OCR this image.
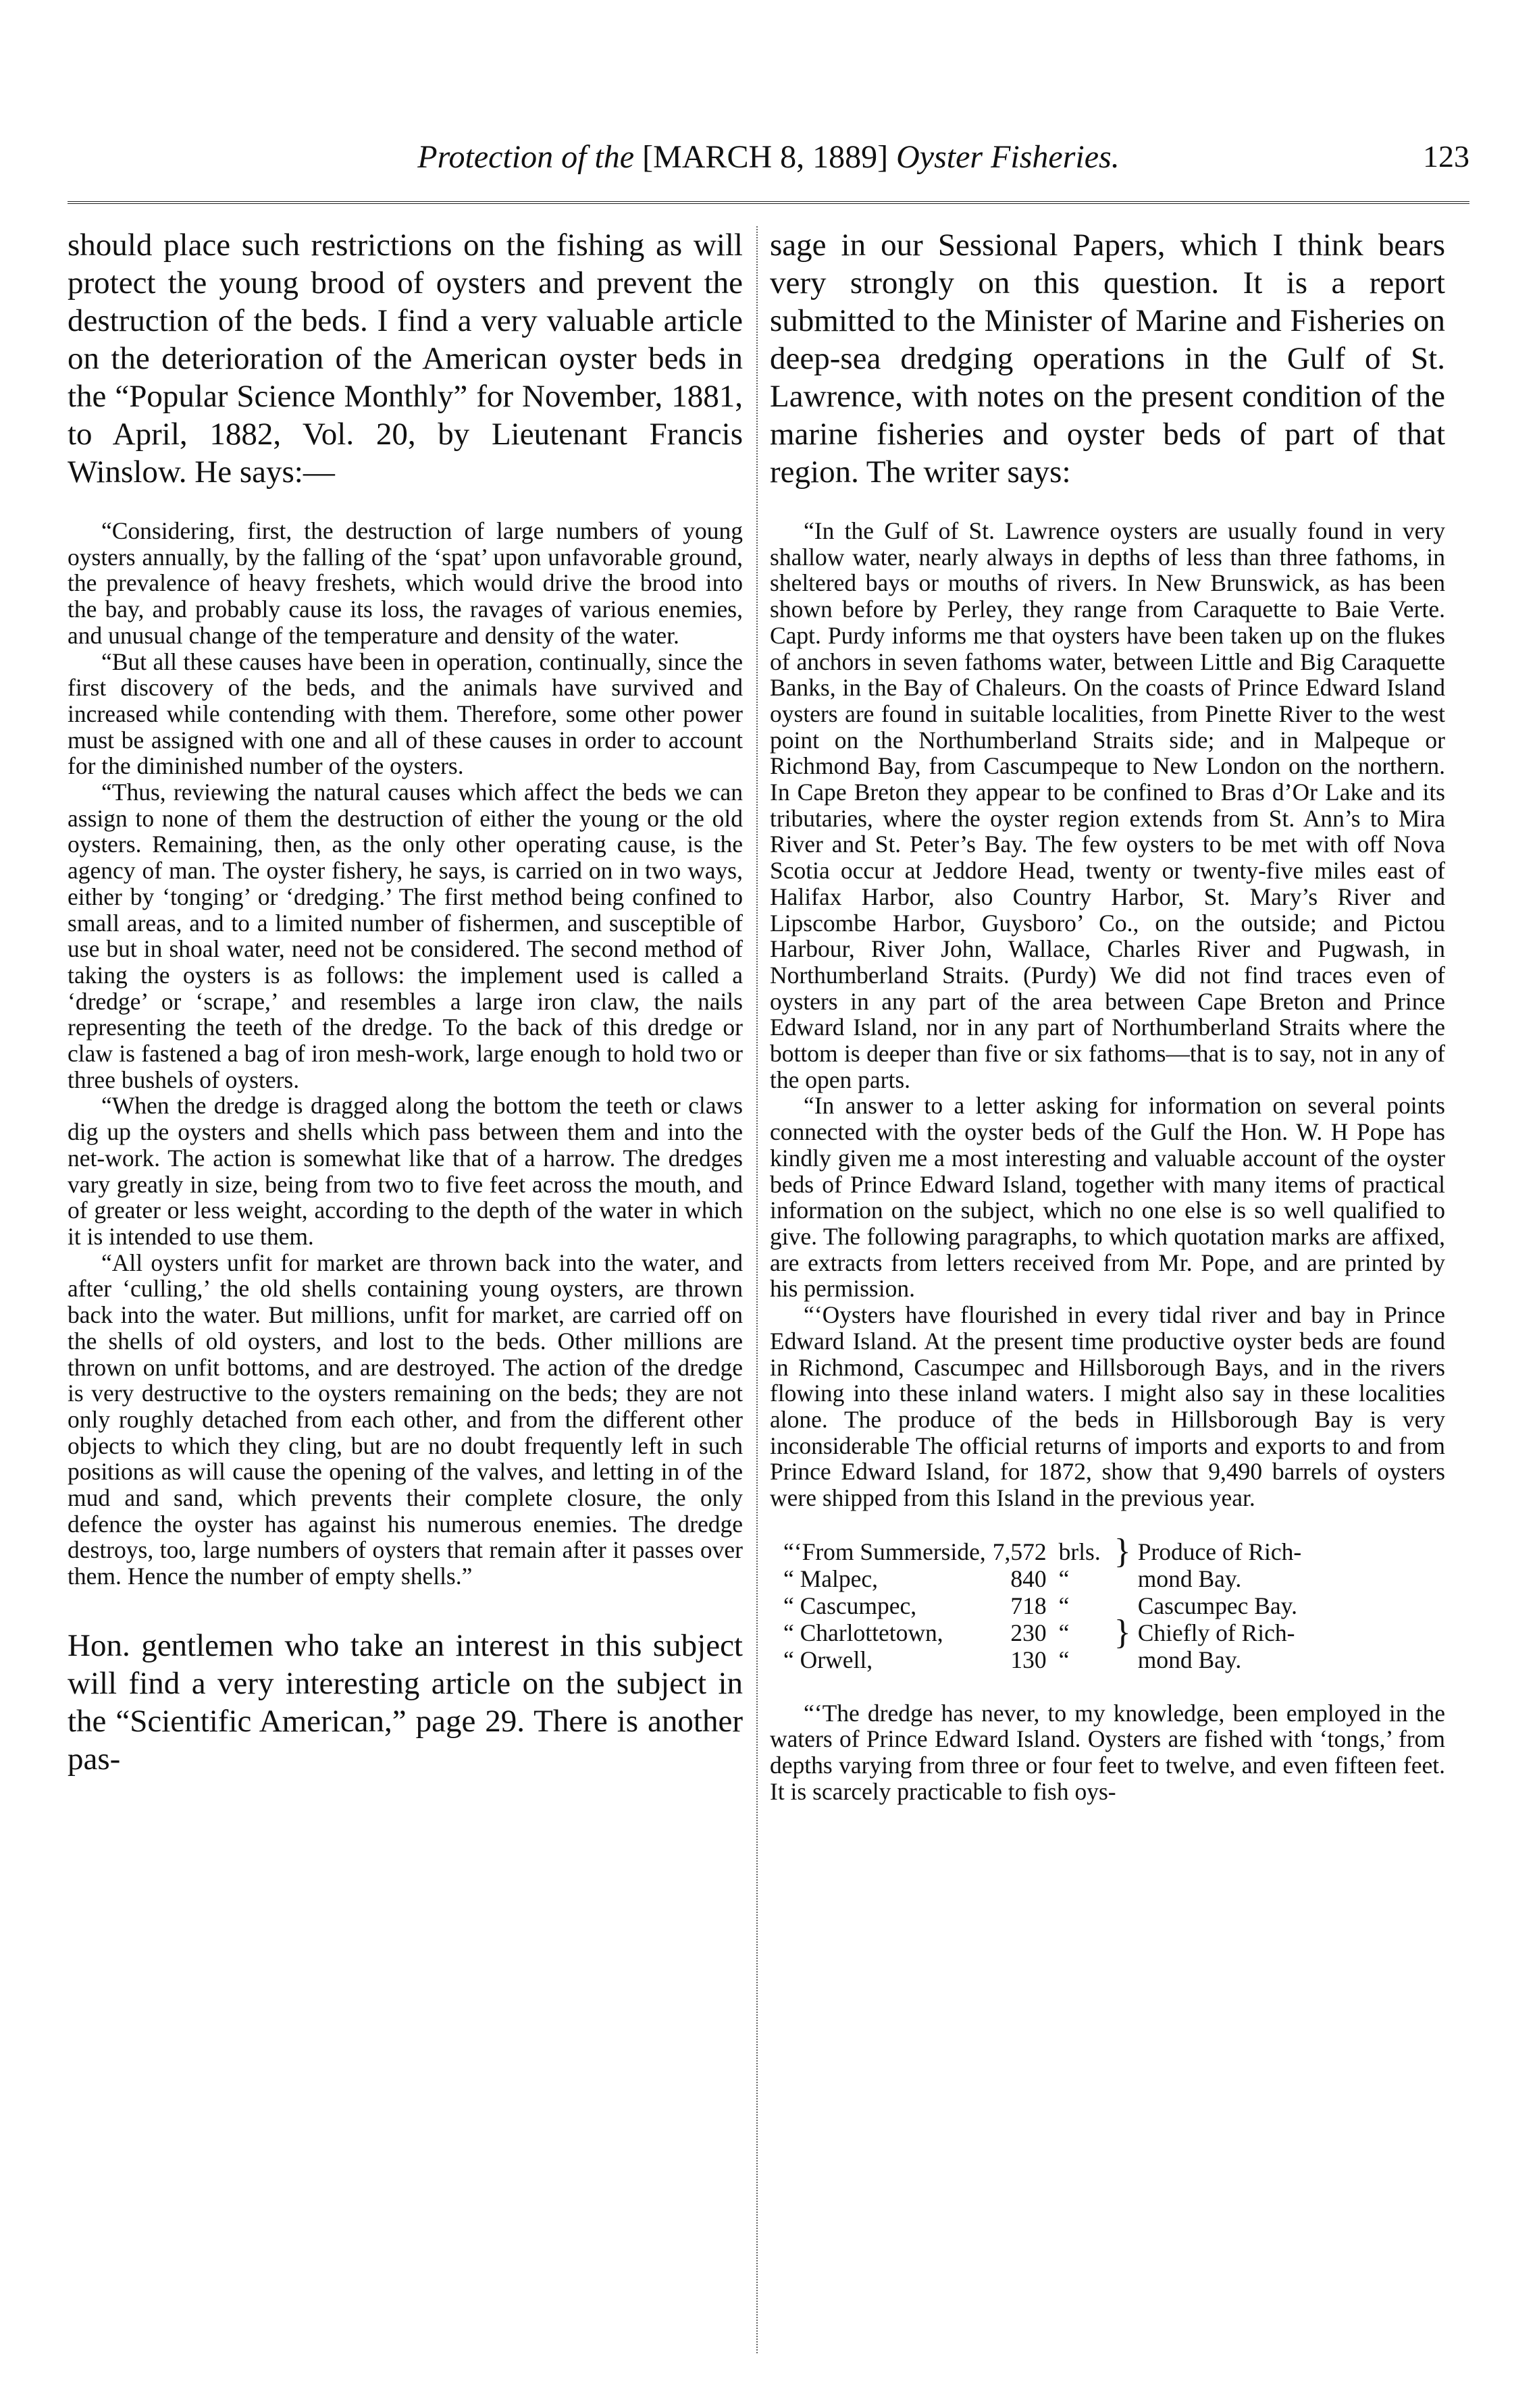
Protection of the [MARCH 8, 1889] Oyster Fisheries.	123

should place such restrictions on the fishing as will protect the young brood of oysters and prevent the destruction of the beds. I find a very valuable article on the deterioration of the American oyster beds in the “Popular Science Monthly” for November, 1881, to April, 1882, Vol. 20, by Lieutenant Francis Winslow. He says:—

“Considering, first, the destruction of large numbers of young oysters annually, by the falling of the ‘spat’ upon unfavorable ground, the prevalence of heavy freshets, which would drive the brood into the bay, and probably cause its loss, the ravages of various enemies, and unusual change of the temperature and density of the water.

“But all these causes have been in operation, continually, since the first discovery of the beds, and the animals have survived and increased while contending with them. Therefore, some other power must be assigned with one and all of these causes in order to account for the diminished number of the oysters.

“Thus, reviewing the natural causes which affect the beds we can assign to none of them the destruction of either the young or the old oysters. Remaining, then, as the only other operating cause, is the agency of man. The oyster fishery, he says, is carried on in two ways, either by ‘tonging’ or ‘dredging.’ The first method being confined to small areas, and to a limited number of fishermen, and susceptible of use but in shoal water, need not be considered. The second method of taking the oysters is as follows: the implement used is called a ‘dredge’ or ‘scrape,’ and resembles a large iron claw, the nails representing the teeth of the dredge. To the back of this dredge or claw is fastened a bag of iron mesh-work, large enough to hold two or three bushels of oysters.

“When the dredge is dragged along the bottom the teeth or claws dig up the oysters and shells which pass between them and into the net-work. The action is somewhat like that of a harrow. The dredges vary greatly in size, being from two to five feet across the mouth, and of greater or less weight, according to the depth of the water in which it is intended to use them.

“All oysters unfit for market are thrown back into the water, and after ‘culling,’ the old shells containing young oysters, are thrown back into the water. But millions, unfit for market, are carried off on the shells of old oysters, and lost to the beds. Other millions are thrown on unfit bottoms, and are destroyed. The action of the dredge is very destructive to the oysters remaining on the beds; they are not only roughly detached from each other, and from the different other objects to which they cling, but are no doubt frequently left in such positions as will cause the opening of the valves, and letting in of the mud and sand, which prevents their complete closure, the only defence the oyster has against his numerous enemies. The dredge destroys, too, large numbers of oysters that remain after it passes over them. Hence the number of empty shells.”

Hon. gentlemen who take an interest in this subject will find a very interesting article on the subject in the “Scientific American,” page 29. There is another pas-

sage in our Sessional Papers, which I think bears very strongly on this question. It is a report submitted to the Minister of Marine and Fisheries on deep-sea dredging operations in the Gulf of St. Lawrence, with notes on the present condition of the marine fisheries and oyster beds of part of that region. The writer says:

“In the Gulf of St. Lawrence oysters are usually found in very shallow water, nearly always in depths of less than three fathoms, in sheltered bays or mouths of rivers. In New Brunswick, as has been shown before by Perley, they range from Caraquette to Baie Verte. Capt. Purdy informs me that oysters have been taken up on the flukes of anchors in seven fathoms water, between Little and Big Caraquette Banks, in the Bay of Chaleurs. On the coasts of Prince Edward Island oysters are found in suitable localities, from Pinette River to the west point on the Northumberland Straits side; and in Malpeque or Richmond Bay, from Cascumpeque to New London on the northern. In Cape Breton they appear to be confined to Bras d’Or Lake and its tributaries, where the oyster region extends from St. Ann’s to Mira River and St. Peter’s Bay. The few oysters to be met with off Nova Scotia occur at Jeddore Head, twenty or twenty-five miles east of Halifax Harbor, also Country Harbor, St. Mary’s River and Lipscombe Harbor, Guysboro’ Co., on the outside; and Pictou Harbour, River John, Wallace, Charles River and Pugwash, in Northumberland Straits. (Purdy) We did not find traces even of oysters in any part of the area between Cape Breton and Prince Edward Island, nor in any part of Northumberland Straits where the bottom is deeper than five or six fathoms—that is to say, not in any of the open parts.

“In answer to a letter asking for information on several points connected with the oyster beds of the Gulf the Hon. W. H Pope has kindly given me a most interesting and valuable account of the oyster beds of Prince Edward Island, together with many items of practical information on the subject, which no one else is so well qualified to give. The following paragraphs, to which quotation marks are affixed, are extracts from letters received from Mr. Pope, and are printed by his permission.

“‘Oysters have flourished in every tidal river and bay in Prince Edward Island. At the present time productive oyster beds are found in Richmond, Cascumpec and Hillsborough Bays, and in the rivers flowing into these inland waters. I might also say in these localities alone. The produce of the beds in Hillsborough Bay is very inconsiderable The official returns of imports and exports to and from Prince Edward Island, for 1872, show that 9,490 barrels of oysters were shipped from this Island in the previous year.

“‘From Summerside,	7,572	brls.	}	Produce of Rich-
“ Malpec,	840	“		mond Bay.
“ Cascumpec,	718	“		Cascumpec Bay.
“ Charlottetown,	230	“	}	Chiefly of Rich-
“ Orwell,	130	“		mond Bay.

“‘The dredge has never, to my knowledge, been employed in the waters of Prince Edward Island. Oysters are fished with ‘tongs,’ from depths varying from three or four feet to twelve, and even fifteen feet. It is scarcely practicable to fish oys-
